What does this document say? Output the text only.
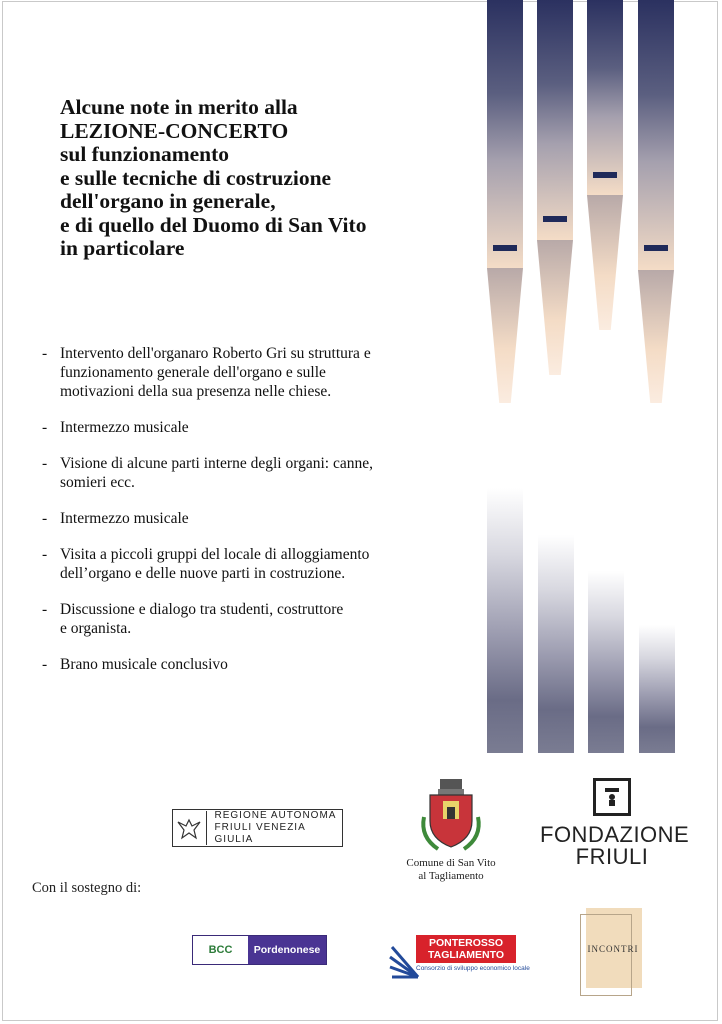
Alcune note in merito alla
LEZIONE-CONCERTO
sul funzionamento
e sulle tecniche di costruzione
dell'organo in generale,
e di quello del Duomo di San Vito
in particolare
- Intervento dell'organaro Roberto Gri su struttura e
funzionamento generale dell'organo e sulle
motivazioni della sua presenza nelle chiese.
- Intermezzo musicale
- Visione di alcune parti interne degli organi: canne,
somieri ecc.
- Intermezzo musicale
- Visita a piccoli gruppi del locale di alloggiamento
dell’organo e delle nuove parti in costruzione.
- Discussione e dialogo tra studenti, costruttore
e organista.
- Brano musicale conclusivo
REGIONE AUTONOMA
FRIULI VENEZIA GIULIA
Comune di San Vito
al Tagliamento
FONDAZIONE
FRIULI
Con il sostegno di:
BCC	Pordenonese
PONTEROSSO
TAGLIAMENTO
Consorzio di sviluppo economico locale
INCONTRI
